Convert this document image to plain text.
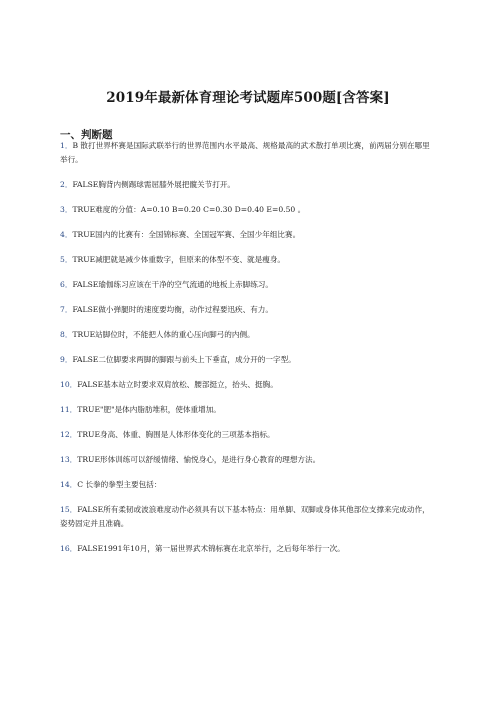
2019年最新体育理论考试题库500题[含答案]
一、判断题
1．B 散打世界杯赛是国际武联举行的世界范围内水平最高、规格最高的武术散打单项比赛，前两届分别在哪里举行。
2．FALSE胸背内侧踢球需屈膝外展把髋关节打开。
3．TRUE难度的分值：A=0.10 B=0.20 C=0.30 D=0.40 E=0.50 。
4．TRUE国内的比赛有：全国锦标赛、全国冠军赛、全国少年组比赛。
5．TRUE减肥就是减少体重数字，但原来的体型不变、就是瘦身。
6．FALSE瑜伽练习应该在干净的空气流通的地板上赤脚练习。
7．FALSE做小弹腿时的速度要均衡，动作过程要迅疾、有力。
8．TRUE站脚位时，不能把人体的重心压向脚弓的内侧。
9．FALSE二位脚要求两脚的脚跟与前头上下垂直，成分开的一字型。
10．FALSE基本站立时要求双肩放松、腰部挺立，抬头、挺胸。
11．TRUE"肥"是体内脂肪堆积，使体重增加。
12．TRUE身高、体重、胸围是人体形体变化的三项基本指标。
13．TRUE形体训练可以舒缓情绪、愉悦身心，是进行身心教育的理想方法。
14．C 长拳的拳型主要包括：
15．FALSE所有柔韧或波浪难度动作必须具有以下基本特点：用单脚、双脚或身体其他部位支撑来完成动作，姿势固定并且准确。
16．FALSE1991年10月，第一届世界武术锦标赛在北京举行，之后每年举行一次。
